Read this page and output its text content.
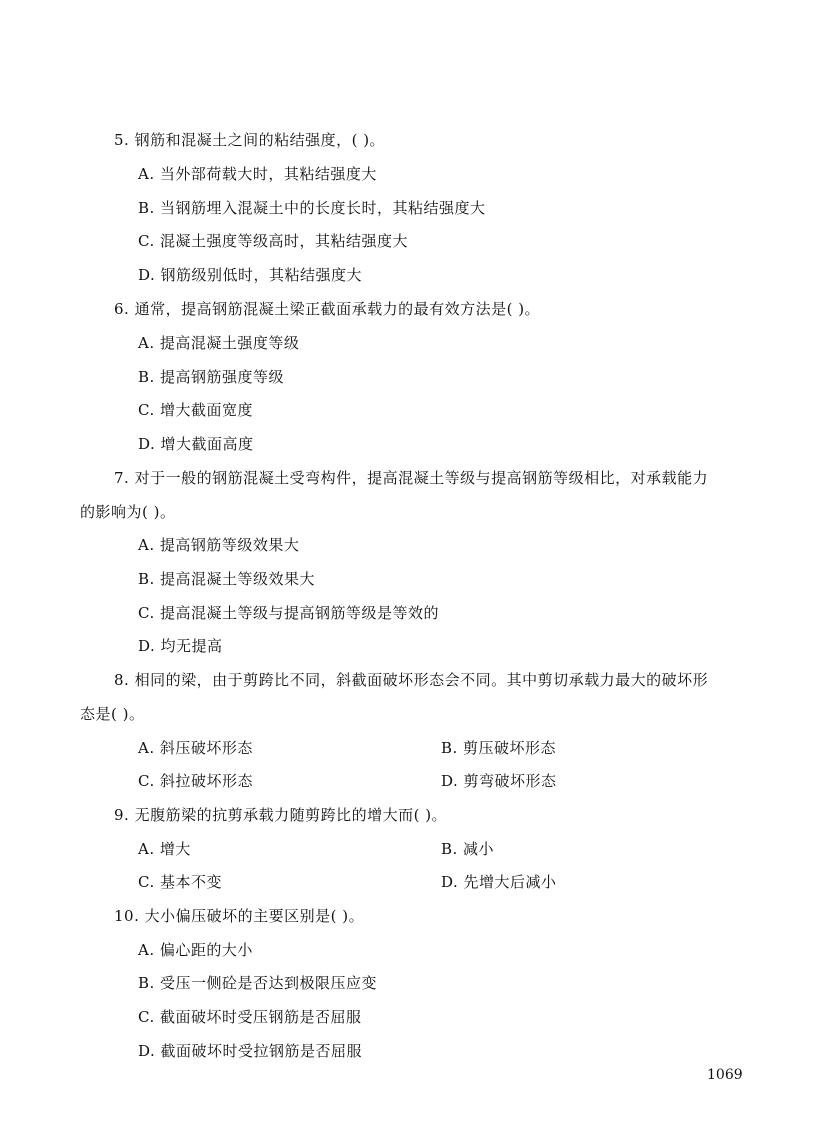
5. 钢筋和混凝土之间的粘结强度，( )。
A. 当外部荷载大时，其粘结强度大
B. 当钢筋埋入混凝土中的长度长时，其粘结强度大
C. 混凝土强度等级高时，其粘结强度大
D. 钢筋级别低时，其粘结强度大
6. 通常，提高钢筋混凝土梁正截面承载力的最有效方法是( )。
A. 提高混凝土强度等级
B. 提高钢筋强度等级
C. 增大截面宽度
D. 增大截面高度
7. 对于一般的钢筋混凝土受弯构件，提高混凝土等级与提高钢筋等级相比，对承载能力
的影响为( )。
A. 提高钢筋等级效果大
B. 提高混凝土等级效果大
C. 提高混凝土等级与提高钢筋等级是等效的
D. 均无提高
8. 相同的梁，由于剪跨比不同，斜截面破坏形态会不同。其中剪切承载力最大的破坏形
态是( )。
A. 斜压破坏形态	B. 剪压破坏形态
C. 斜拉破坏形态	D. 剪弯破坏形态
9. 无腹筋梁的抗剪承载力随剪跨比的增大而( )。
A. 增大	B. 减小
C. 基本不变	D. 先增大后减小
10. 大小偏压破坏的主要区别是( )。
A. 偏心距的大小
B. 受压一侧砼是否达到极限压应变
C. 截面破坏时受压钢筋是否屈服
D. 截面破坏时受拉钢筋是否屈服
1069
